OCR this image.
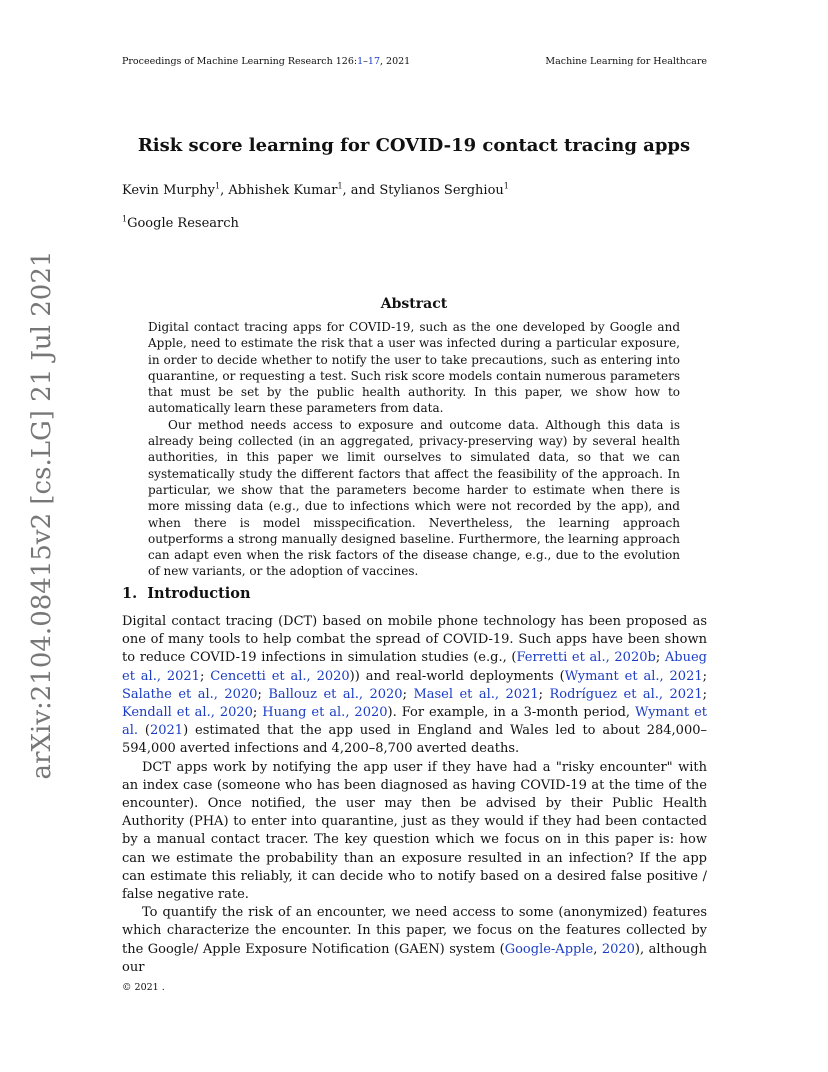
Proceedings of Machine Learning Research 126:1–17, 2021	Machine Learning for Healthcare
Risk score learning for COVID-19 contact tracing apps
Kevin Murphy$^1$, Abhishek Kumar$^1$, and Stylianos Serghiou$^1$
$^1$Google Research
arXiv:2104.08415v2 [cs.LG] 21 Jul 2021	Abstract

Digital contact tracing apps for COVID-19, such as the one developed by Google and Apple, need to estimate the risk that a user was infected during a particular exposure, in order to decide whether to notify the user to take precautions, such as entering into quarantine, or requesting a test. Such risk score models contain numerous parameters that must be set by the public health authority. In this paper, we show how to automatically learn these parameters from data.

Our method needs access to exposure and outcome data. Although this data is already being collected (in an aggregated, privacy-preserving way) by several health authorities, in this paper we limit ourselves to simulated data, so that we can systematically study the different factors that affect the feasibility of the approach. In particular, we show that the parameters become harder to estimate when there is more missing data (e.g., due to infections which were not recorded by the app), and when there is model misspecification. Nevertheless, the learning approach outperforms a strong manually designed baseline. Furthermore, the learning approach can adapt even when the risk factors of the disease change, e.g., due to the evolution of new variants, or the adoption of vaccines.

1. Introduction

Digital contact tracing (DCT) based on mobile phone technology has been proposed as one of many tools to help combat the spread of COVID-19. Such apps have been shown to reduce COVID-19 infections in simulation studies (e.g., (Ferretti et al., 2020b; Abueg et al., 2021; Cencetti et al., 2020)) and real-world deployments (Wymant et al., 2021; Salathe et al., 2020; Ballouz et al., 2020; Masel et al., 2021; Rodríguez et al., 2021; Kendall et al., 2020; Huang et al., 2020). For example, in a 3-month period, Wymant et al. (2021) estimated that the app used in England and Wales led to about 284,000–594,000 averted infections and 4,200–8,700 averted deaths.

DCT apps work by notifying the app user if they have had a "risky encounter" with an index case (someone who has been diagnosed as having COVID-19 at the time of the encounter). Once notified, the user may then be advised by their Public Health Authority (PHA) to enter into quarantine, just as they would if they had been contacted by a manual contact tracer. The key question which we focus on in this paper is: how can we estimate the probability than an exposure resulted in an infection? If the app can estimate this reliably, it can decide who to notify based on a desired false positive / false negative rate.

To quantify the risk of an encounter, we need access to some (anonymized) features which characterize the encounter. In this paper, we focus on the features collected by the Google/ Apple Exposure Notification (GAEN) system (Google-Apple, 2020), although our

© 2021 .
